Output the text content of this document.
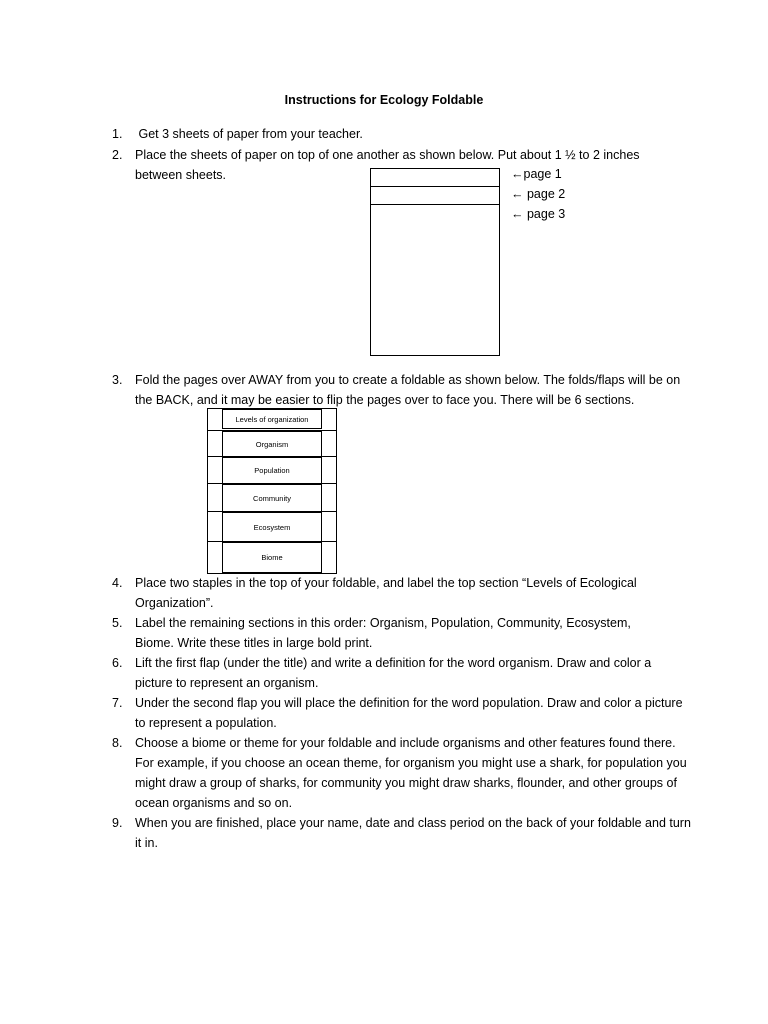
Instructions for Ecology Foldable
1. Get 3 sheets of paper from your teacher.
2. Place the sheets of paper on top of one another as shown below. Put about 1 ½ to 2 inches between sheets.	←page 1
← page 2
← page 3
3. Fold the pages over AWAY from you to create a foldable as shown below. The folds/flaps will be on the BACK, and it may be easier to flip the pages over to face you. There will be 6 sections.
Levels of organization
Organism
Population
Community
Ecosystem
Biome
4. Place two staples in the top of your foldable, and label the top section “Levels of Ecological Organization”.
5. Label the remaining sections in this order: Organism, Population, Community, Ecosystem, Biome. Write these titles in large bold print.
6. Lift the first flap (under the title) and write a definition for the word organism. Draw and color a picture to represent an organism.
7. Under the second flap you will place the definition for the word population. Draw and color a picture to represent a population.
8. Choose a biome or theme for your foldable and include organisms and other features found there. For example, if you choose an ocean theme, for organism you might use a shark, for population you might draw a group of sharks, for community you might draw sharks, flounder, and other groups of ocean organisms and so on.
9. When you are finished, place your name, date and class period on the back of your foldable and turn it in.
